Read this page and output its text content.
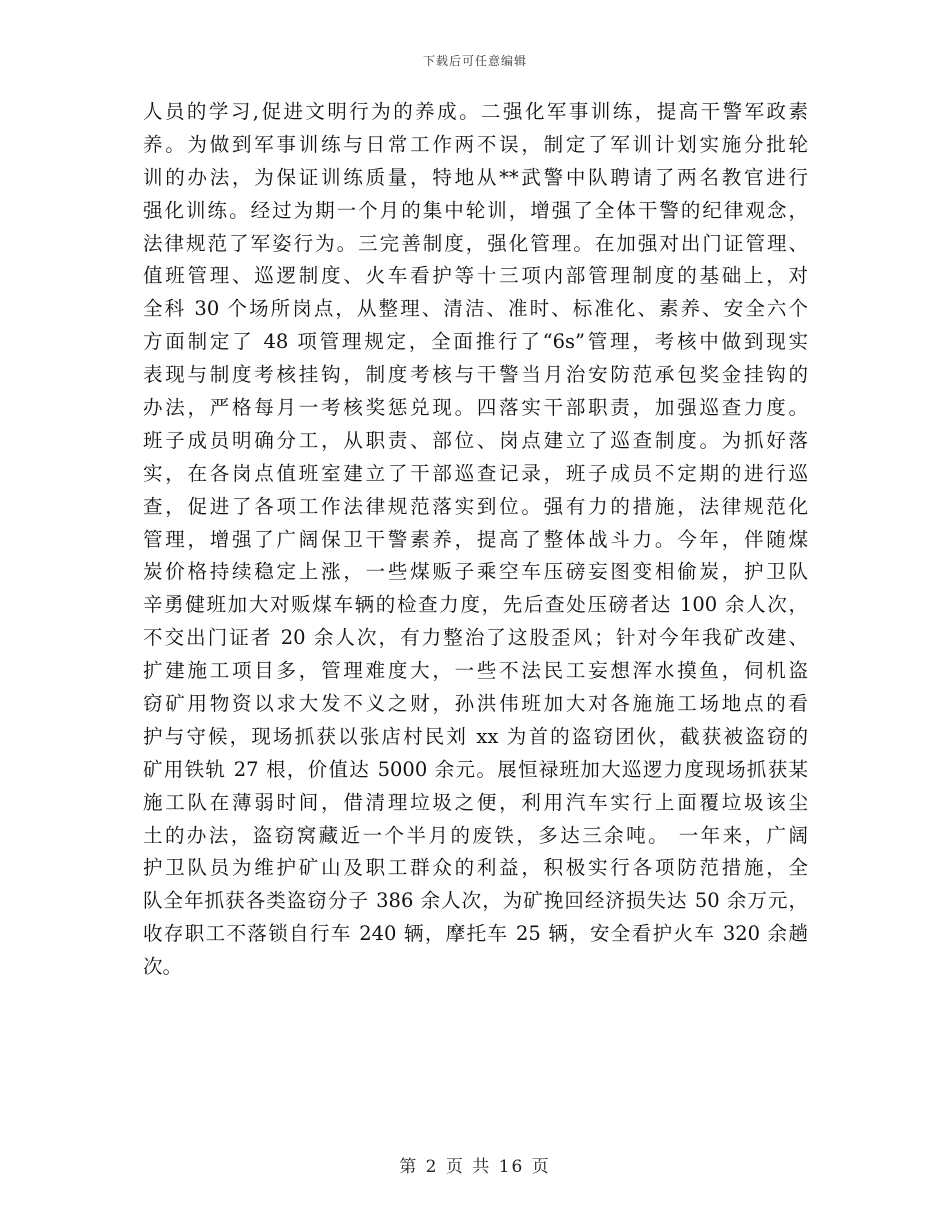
下载后可任意编辑
人员的学习,促进文明行为的养成。二强化军事训练，提高干警军政素
养。为做到军事训练与日常工作两不误，制定了军训计划实施分批轮
训的办法，为保证训练质量，特地从**武警中队聘请了两名教官进行
强化训练。经过为期一个月的集中轮训，增强了全体干警的纪律观念，
法律规范了军姿行为。三完善制度，强化管理。在加强对出门证管理、
值班管理、巡逻制度、火车看护等十三项内部管理制度的基础上，对
全科 30 个场所岗点，从整理、清洁、准时、标准化、素养、安全六个
方面制定了 48 项管理规定，全面推行了“6s”管理，考核中做到现实
表现与制度考核挂钩，制度考核与干警当月治安防范承包奖金挂钩的
办法，严格每月一考核奖惩兑现。四落实干部职责，加强巡查力度。
班子成员明确分工，从职责、部位、岗点建立了巡查制度。为抓好落
实，在各岗点值班室建立了干部巡查记录，班子成员不定期的进行巡
查，促进了各项工作法律规范落实到位。强有力的措施，法律规范化
管理，增强了广阔保卫干警素养，提高了整体战斗力。今年，伴随煤
炭价格持续稳定上涨，一些煤贩子乘空车压磅妄图变相偷炭，护卫队
辛勇健班加大对贩煤车辆的检查力度，先后查处压磅者达 100 余人次，
不交出门证者 20 余人次，有力整治了这股歪风；针对今年我矿改建、
扩建施工项目多，管理难度大，一些不法民工妄想浑水摸鱼，伺机盗
窃矿用物资以求大发不义之财，孙洪伟班加大对各施施工场地点的看
护与守候，现场抓获以张店村民刘 xx 为首的盗窃团伙，截获被盗窃的
矿用铁轨 27 根，价值达 5000 余元。展恒禄班加大巡逻力度现场抓获某
施工队在薄弱时间，借清理垃圾之便，利用汽车实行上面覆垃圾该尘
土的办法，盗窃窝藏近一个半月的废铁，多达三余吨。 一年来，广阔
护卫队员为维护矿山及职工群众的利益，积极实行各项防范措施，全
队全年抓获各类盗窃分子 386 余人次，为矿挽回经济损失达 50 余万元，
收存职工不落锁自行车 240 辆，摩托车 25 辆，安全看护火车 320 余趟
次。
第 2 页 共 16 页
